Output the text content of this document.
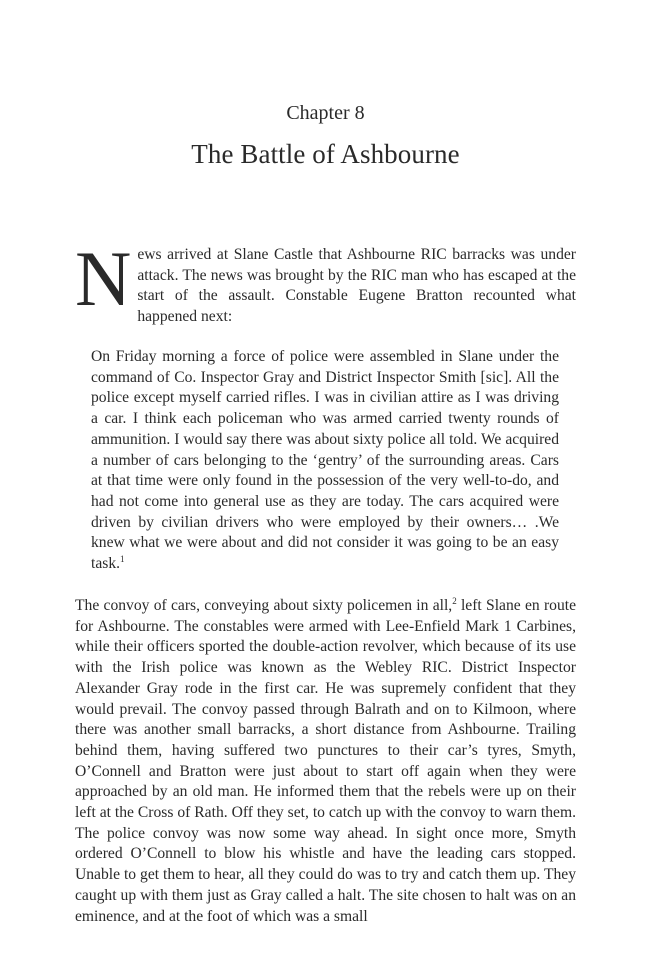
Chapter 8
The Battle of Ashbourne

News arrived at Slane Castle that Ashbourne RIC barracks was under attack. The news was brought by the RIC man who has escaped at the start of the assault. Constable Eugene Bratton recounted what happened next:

On Friday morning a force of police were assembled in Slane under the command of Co. Inspector Gray and District Inspector Smith [sic]. All the police except myself carried rifles. I was in civilian attire as I was driving a car. I think each policeman who was armed carried twenty rounds of ammunition. I would say there was about sixty police all told. We acquired a number of cars belonging to the ‘gentry’ of the surrounding areas. Cars at that time were only found in the possession of the very well-to-do, and had not come into general use as they are today. The cars acquired were driven by civilian drivers who were employed by their owners… .We knew what we were about and did not consider it was going to be an easy task.$^1$

The convoy of cars, conveying about sixty policemen in all,$^2$ left Slane en route for Ashbourne. The constables were armed with Lee-Enfield Mark 1 Carbines, while their officers sported the double-action revolver, which because of its use with the Irish police was known as the Webley RIC. District Inspector Alexander Gray rode in the first car. He was supremely confident that they would prevail. The convoy passed through Balrath and on to Kilmoon, where there was another small barracks, a short distance from Ashbourne. Trailing behind them, having suffered two punctures to their car’s tyres, Smyth, O’Connell and Bratton were just about to start off again when they were approached by an old man. He informed them that the rebels were up on their left at the Cross of Rath. Off they set, to catch up with the convoy to warn them. The police convoy was now some way ahead. In sight once more, Smyth ordered O’Connell to blow his whistle and have the leading cars stopped. Unable to get them to hear, all they could do was to try and catch them up. They caught up with them just as Gray called a halt. The site chosen to halt was on an eminence, and at the foot of which was a small
